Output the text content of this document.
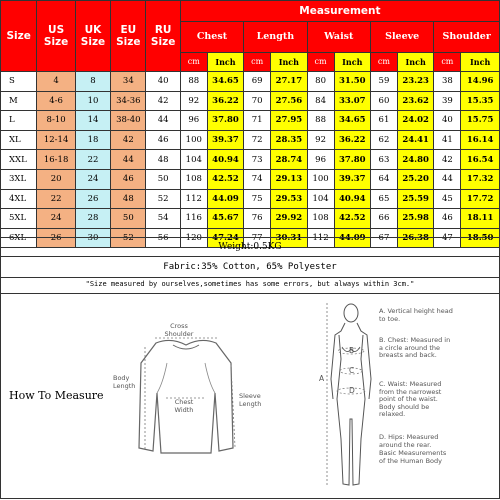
Size	US Size	UK Size	EU Size	RU Size	Measurement									
					Chest		Length		Waist		Sleeve		Shoulder	
					cm	Inch	cm	Inch	cm	Inch	cm	Inch	cm	Inch
S	4	8	34	40	88	34.65	69	27.17	80	31.50	59	23.23	38	14.96
M	4-6	10	34-36	42	92	36.22	70	27.56	84	33.07	60	23.62	39	15.35
L	8-10	14	38-40	44	96	37.80	71	27.95	88	34.65	61	24.02	40	15.75
XL	12-14	18	42	46	100	39.37	72	28.35	92	36.22	62	24.41	41	16.14
XXL	16-18	22	44	48	104	40.94	73	28.74	96	37.80	63	24.80	42	16.54
3XL	20	24	46	50	108	42.52	74	29.13	100	39.37	64	25.20	44	17.32
4XL	22	26	48	52	112	44.09	75	29.53	104	40.94	65	25.59	45	17.72
5XL	24	28	50	54	116	45.67	76	29.92	108	42.52	66	25.98	46	18.11
6XL	26	30	52	56	120	47.24	77	30.31	112	44.09	67	26.38	47	18.50
Weight:0.5KG
Fabric:35% Cotton, 65% Polyester
"Size measured by ourselves,sometimes has some errors, but always within 3cm."
How To Measure
Cross Shoulder
Body Length
Chest Width
Sleeve Length
A
B
C
D
A. Vertical height head to toe.
B. Chest: Measured in a circle around the breasts and back.
C. Waist: Measured from the narrowest point of the waist. Body should be relaxed.
D. Hips: Measured around the rear.
Basic Measurements of the Human Body
